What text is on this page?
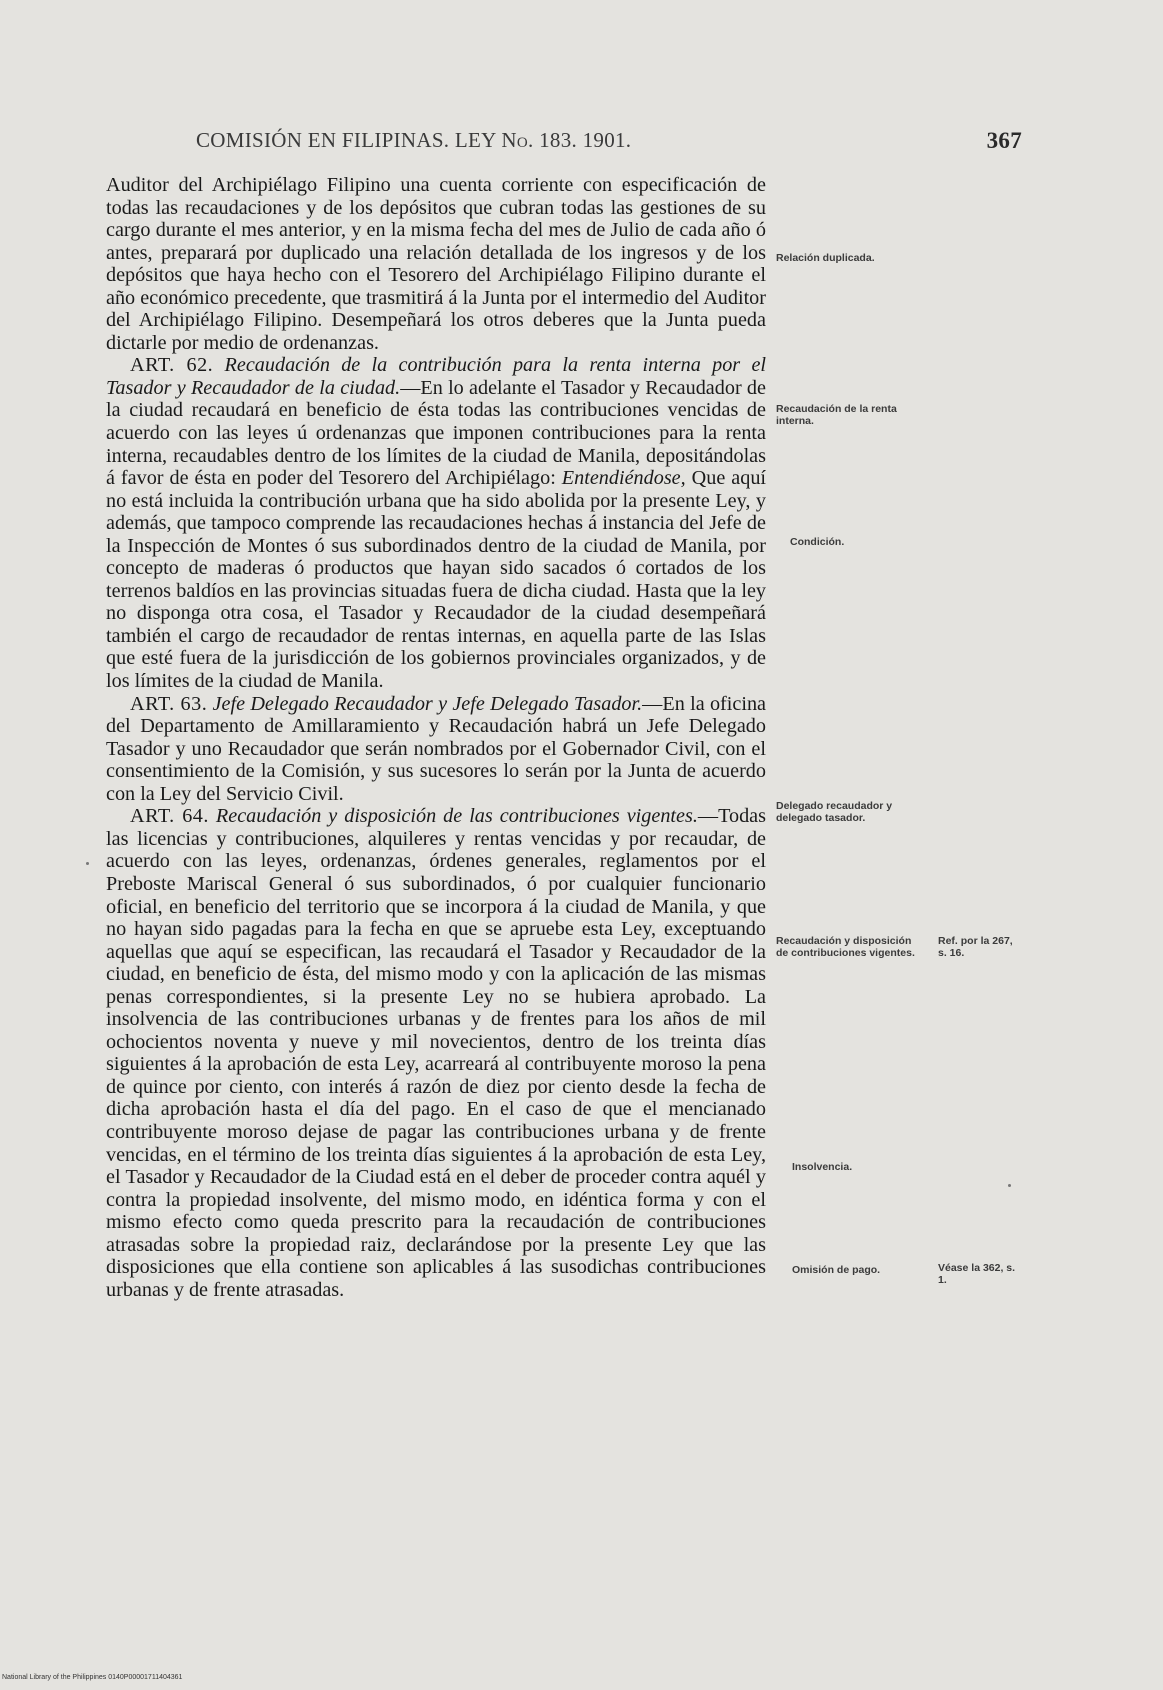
COMISIÓN EN FILIPINAS. LEY No. 183. 1901.	367

Auditor del Archipiélago Filipino una cuenta corriente con especificación de todas las recaudaciones y de los depósitos que cubran todas las gestiones de su cargo durante el mes anterior, y en la misma fecha del mes de Julio de cada año ó antes, preparará por duplicado una relación detallada de los ingresos y de los depósitos que haya hecho con el Tesorero del Archipiélago Filipino durante el año económico precedente, que trasmitirá á la Junta por el intermedio del Auditor del Archipiélago Filipino. Desempeñará los otros deberes que la Junta pueda dictarle por medio de ordenanzas.

ART. 62. Recaudación de la contribución para la renta interna por el Tasador y Recaudador de la ciudad.—En lo adelante el Tasador y Recaudador de la ciudad recaudará en beneficio de ésta todas las contribuciones vencidas de acuerdo con las leyes ú ordenanzas que imponen contribuciones para la renta interna, recaudables dentro de los límites de la ciudad de Manila, depositándolas á favor de ésta en poder del Tesorero del Archipiélago: Entendiéndose, Que aquí no está incluida la contribución urbana que ha sido abolida por la presente Ley, y además, que tampoco comprende las recaudaciones hechas á instancia del Jefe de la Inspección de Montes ó sus subordinados dentro de la ciudad de Manila, por concepto de maderas ó productos que hayan sido sacados ó cortados de los terrenos baldíos en las provincias situadas fuera de dicha ciudad. Hasta que la ley no disponga otra cosa, el Tasador y Recaudador de la ciudad desempeñará también el cargo de recaudador de rentas internas, en aquella parte de las Islas que esté fuera de la jurisdicción de los gobiernos provinciales organizados, y de los límites de la ciudad de Manila.

ART. 63. Jefe Delegado Recaudador y Jefe Delegado Tasador.—En la oficina del Departamento de Amillaramiento y Recaudación habrá un Jefe Delegado Tasador y uno Recaudador que serán nombrados por el Gobernador Civil, con el consentimiento de la Comisión, y sus sucesores lo serán por la Junta de acuerdo con la Ley del Servicio Civil.

ART. 64. Recaudación y disposición de las contribuciones vigentes.—Todas las licencias y contribuciones, alquileres y rentas vencidas y por recaudar, de acuerdo con las leyes, ordenanzas, órdenes generales, reglamentos por el Preboste Mariscal General ó sus subordinados, ó por cualquier funcionario oficial, en beneficio del territorio que se incorpora á la ciudad de Manila, y que no hayan sido pagadas para la fecha en que se apruebe esta Ley, exceptuando aquellas que aquí se especifican, las recaudará el Tasador y Recaudador de la ciudad, en beneficio de ésta, del mismo modo y con la aplicación de las mismas penas correspondientes, si la presente Ley no se hubiera aprobado. La insolvencia de las contribuciones urbanas y de frentes para los años de mil ochocientos noventa y nueve y mil novecientos, dentro de los treinta días siguientes á la aprobación de esta Ley, acarreará al contribuyente moroso la pena de quince por ciento, con interés á razón de diez por ciento desde la fecha de dicha aprobación hasta el día del pago. En el caso de que el mencianado contribuyente moroso dejase de pagar las contribuciones urbana y de frente vencidas, en el término de los treinta días siguientes á la aprobación de esta Ley, el Tasador y Recaudador de la Ciudad está en el deber de proceder contra aquél y contra la propiedad insolvente, del mismo modo, en idéntica forma y con el mismo efecto como queda prescrito para la recaudación de contribuciones atrasadas sobre la propiedad raiz, declarándose por la presente Ley que las disposiciones que ella contiene son aplicables á las susodichas contribuciones urbanas y de frente atrasadas.

Relación duplicada.
Recaudación de la renta interna.
Condición.
Delegado recaudador y delegado tasador.
Recaudación y disposición de contribuciones vigentes.
Insolvencia.
Omisión de pago.
Ref. por la 267, s. 16.
Véase la 362, s. 1.
National Library of the Philippines 0140P00001711404361
